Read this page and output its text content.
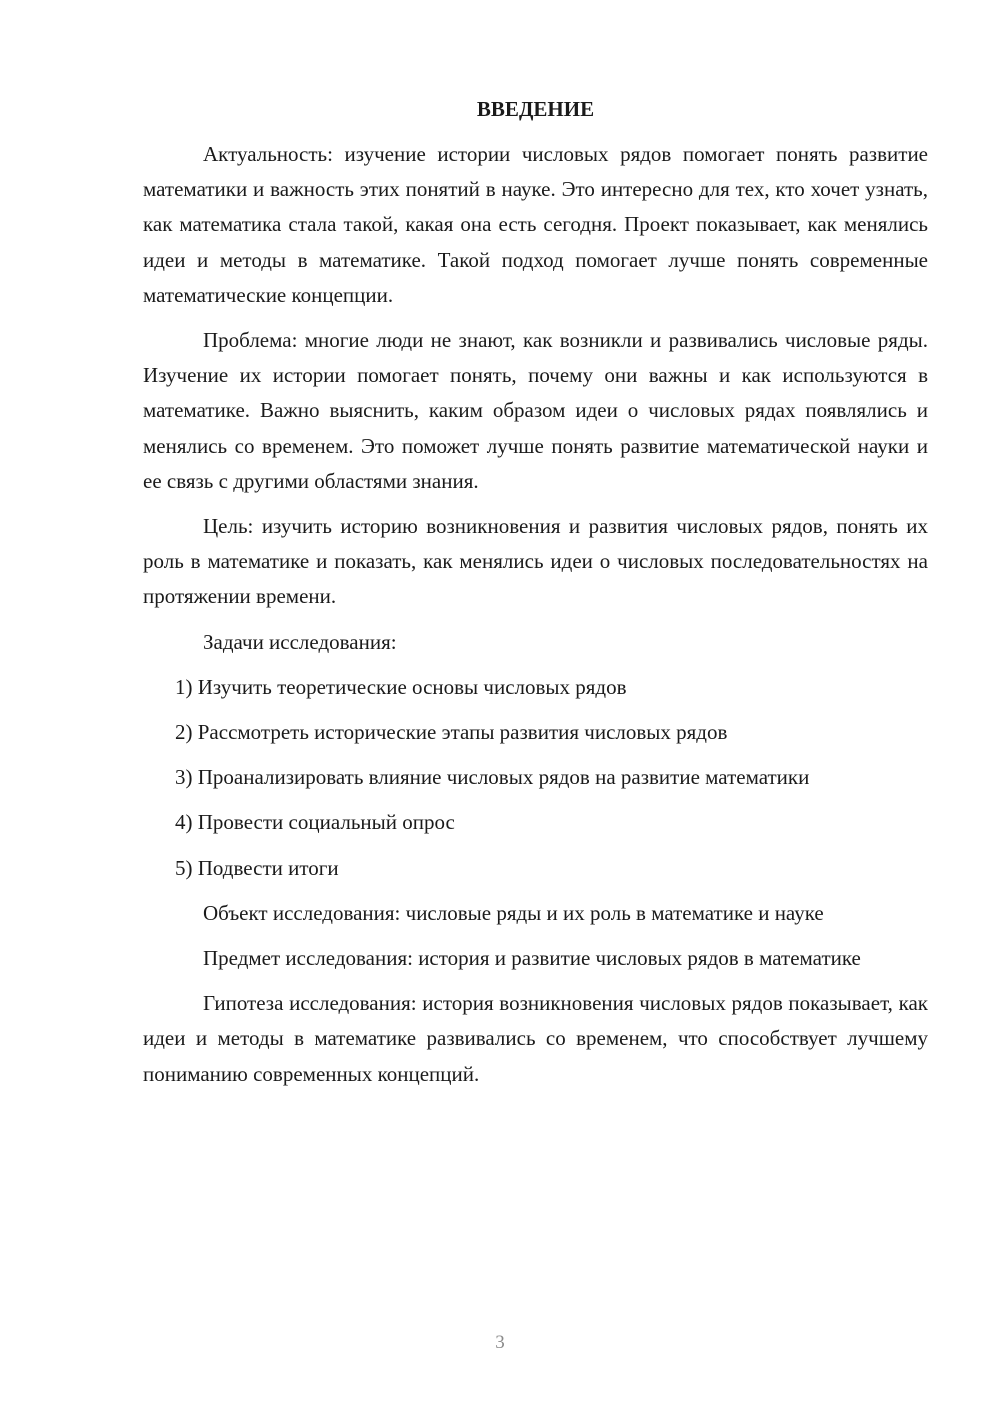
ВВЕДЕНИЕ

Актуальность: изучение истории числовых рядов помогает понять развитие математики и важность этих понятий в науке. Это интересно для тех, кто хочет узнать, как математика стала такой, какая она есть сегодня. Проект показывает, как менялись идеи и методы в математике. Такой подход помогает лучше понять современные математические концепции.

Проблема: многие люди не знают, как возникли и развивались числовые ряды. Изучение их истории помогает понять, почему они важны и как используются в математике. Важно выяснить, каким образом идеи о числовых рядах появлялись и менялись со временем. Это поможет лучше понять развитие математической науки и ее связь с другими областями знания.

Цель: изучить историю возникновения и развития числовых рядов, понять их роль в математике и показать, как менялись идеи о числовых последовательностях на протяжении времени.

Задачи исследования:

1) Изучить теоретические основы числовых рядов

2) Рассмотреть исторические этапы развития числовых рядов

3) Проанализировать влияние числовых рядов на развитие математики

4) Провести социальный опрос

5) Подвести итоги

Объект исследования: числовые ряды и их роль в математике и науке

Предмет исследования: история и развитие числовых рядов в математике

Гипотеза исследования: история возникновения числовых рядов показывает, как идеи и методы в математике развивались со временем, что способствует лучшему пониманию современных концепций.

3
